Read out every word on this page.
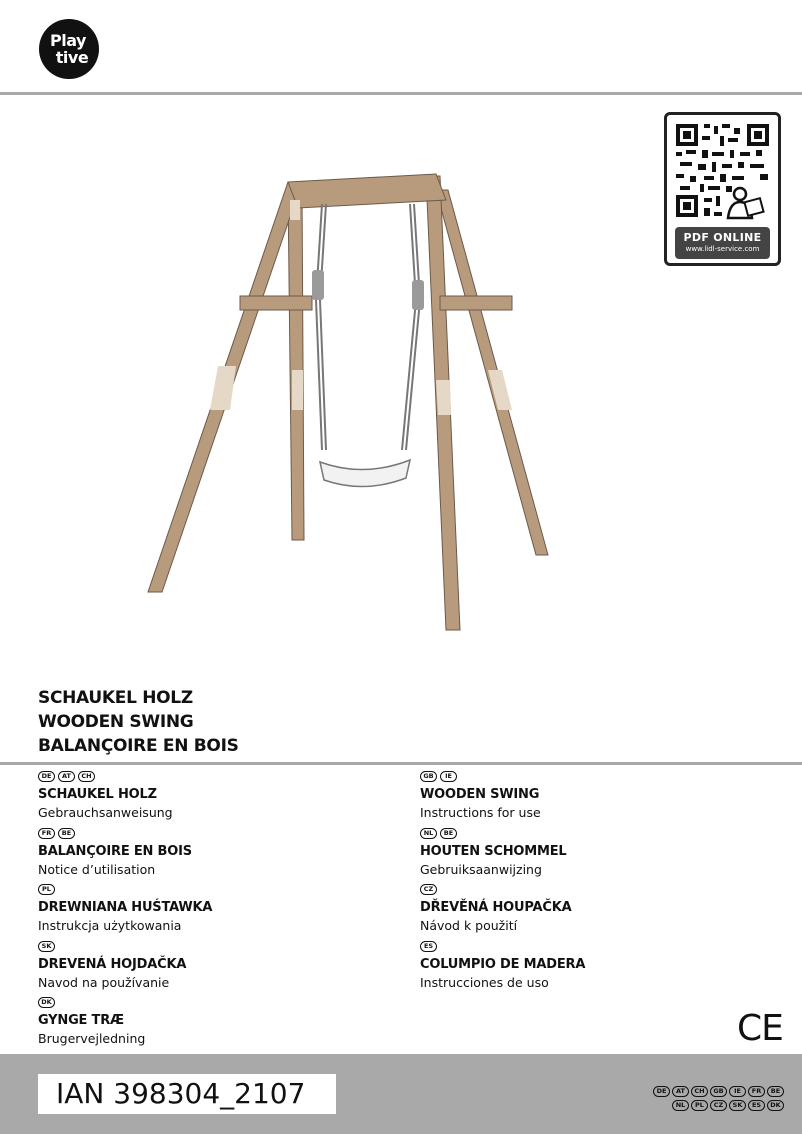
Play
tive
PDF ONLINE
www.lidl-service.com
SCHAUKEL HOLZ
WOODEN SWING
BALANÇOIRE EN BOIS
DE	AT	CH
SCHAUKEL HOLZ
Gebrauchsanweisung
FR	BE
BALANÇOIRE EN BOIS
Notice d’utilisation
PL
DREWNIANA HUŚTAWKA
Instrukcja użytkowania
SK
DREVENÁ HOJDAČKA
Navod na používanie
DK
GYNGE TRÆ
Brugervejledning
GB	IE
WOODEN SWING
Instructions for use
NL	BE
HOUTEN SCHOMMEL
Gebruiksaanwijzing
CZ
DŘEVĚNÁ HOUPAČKA
Návod k použití
ES
COLUMPIO DE MADERA
Instrucciones de uso
CE
IAN 398304_2107	DE	AT	CH	GB	IE	FR	BE
NL	PL	CZ	SK	ES	DK
